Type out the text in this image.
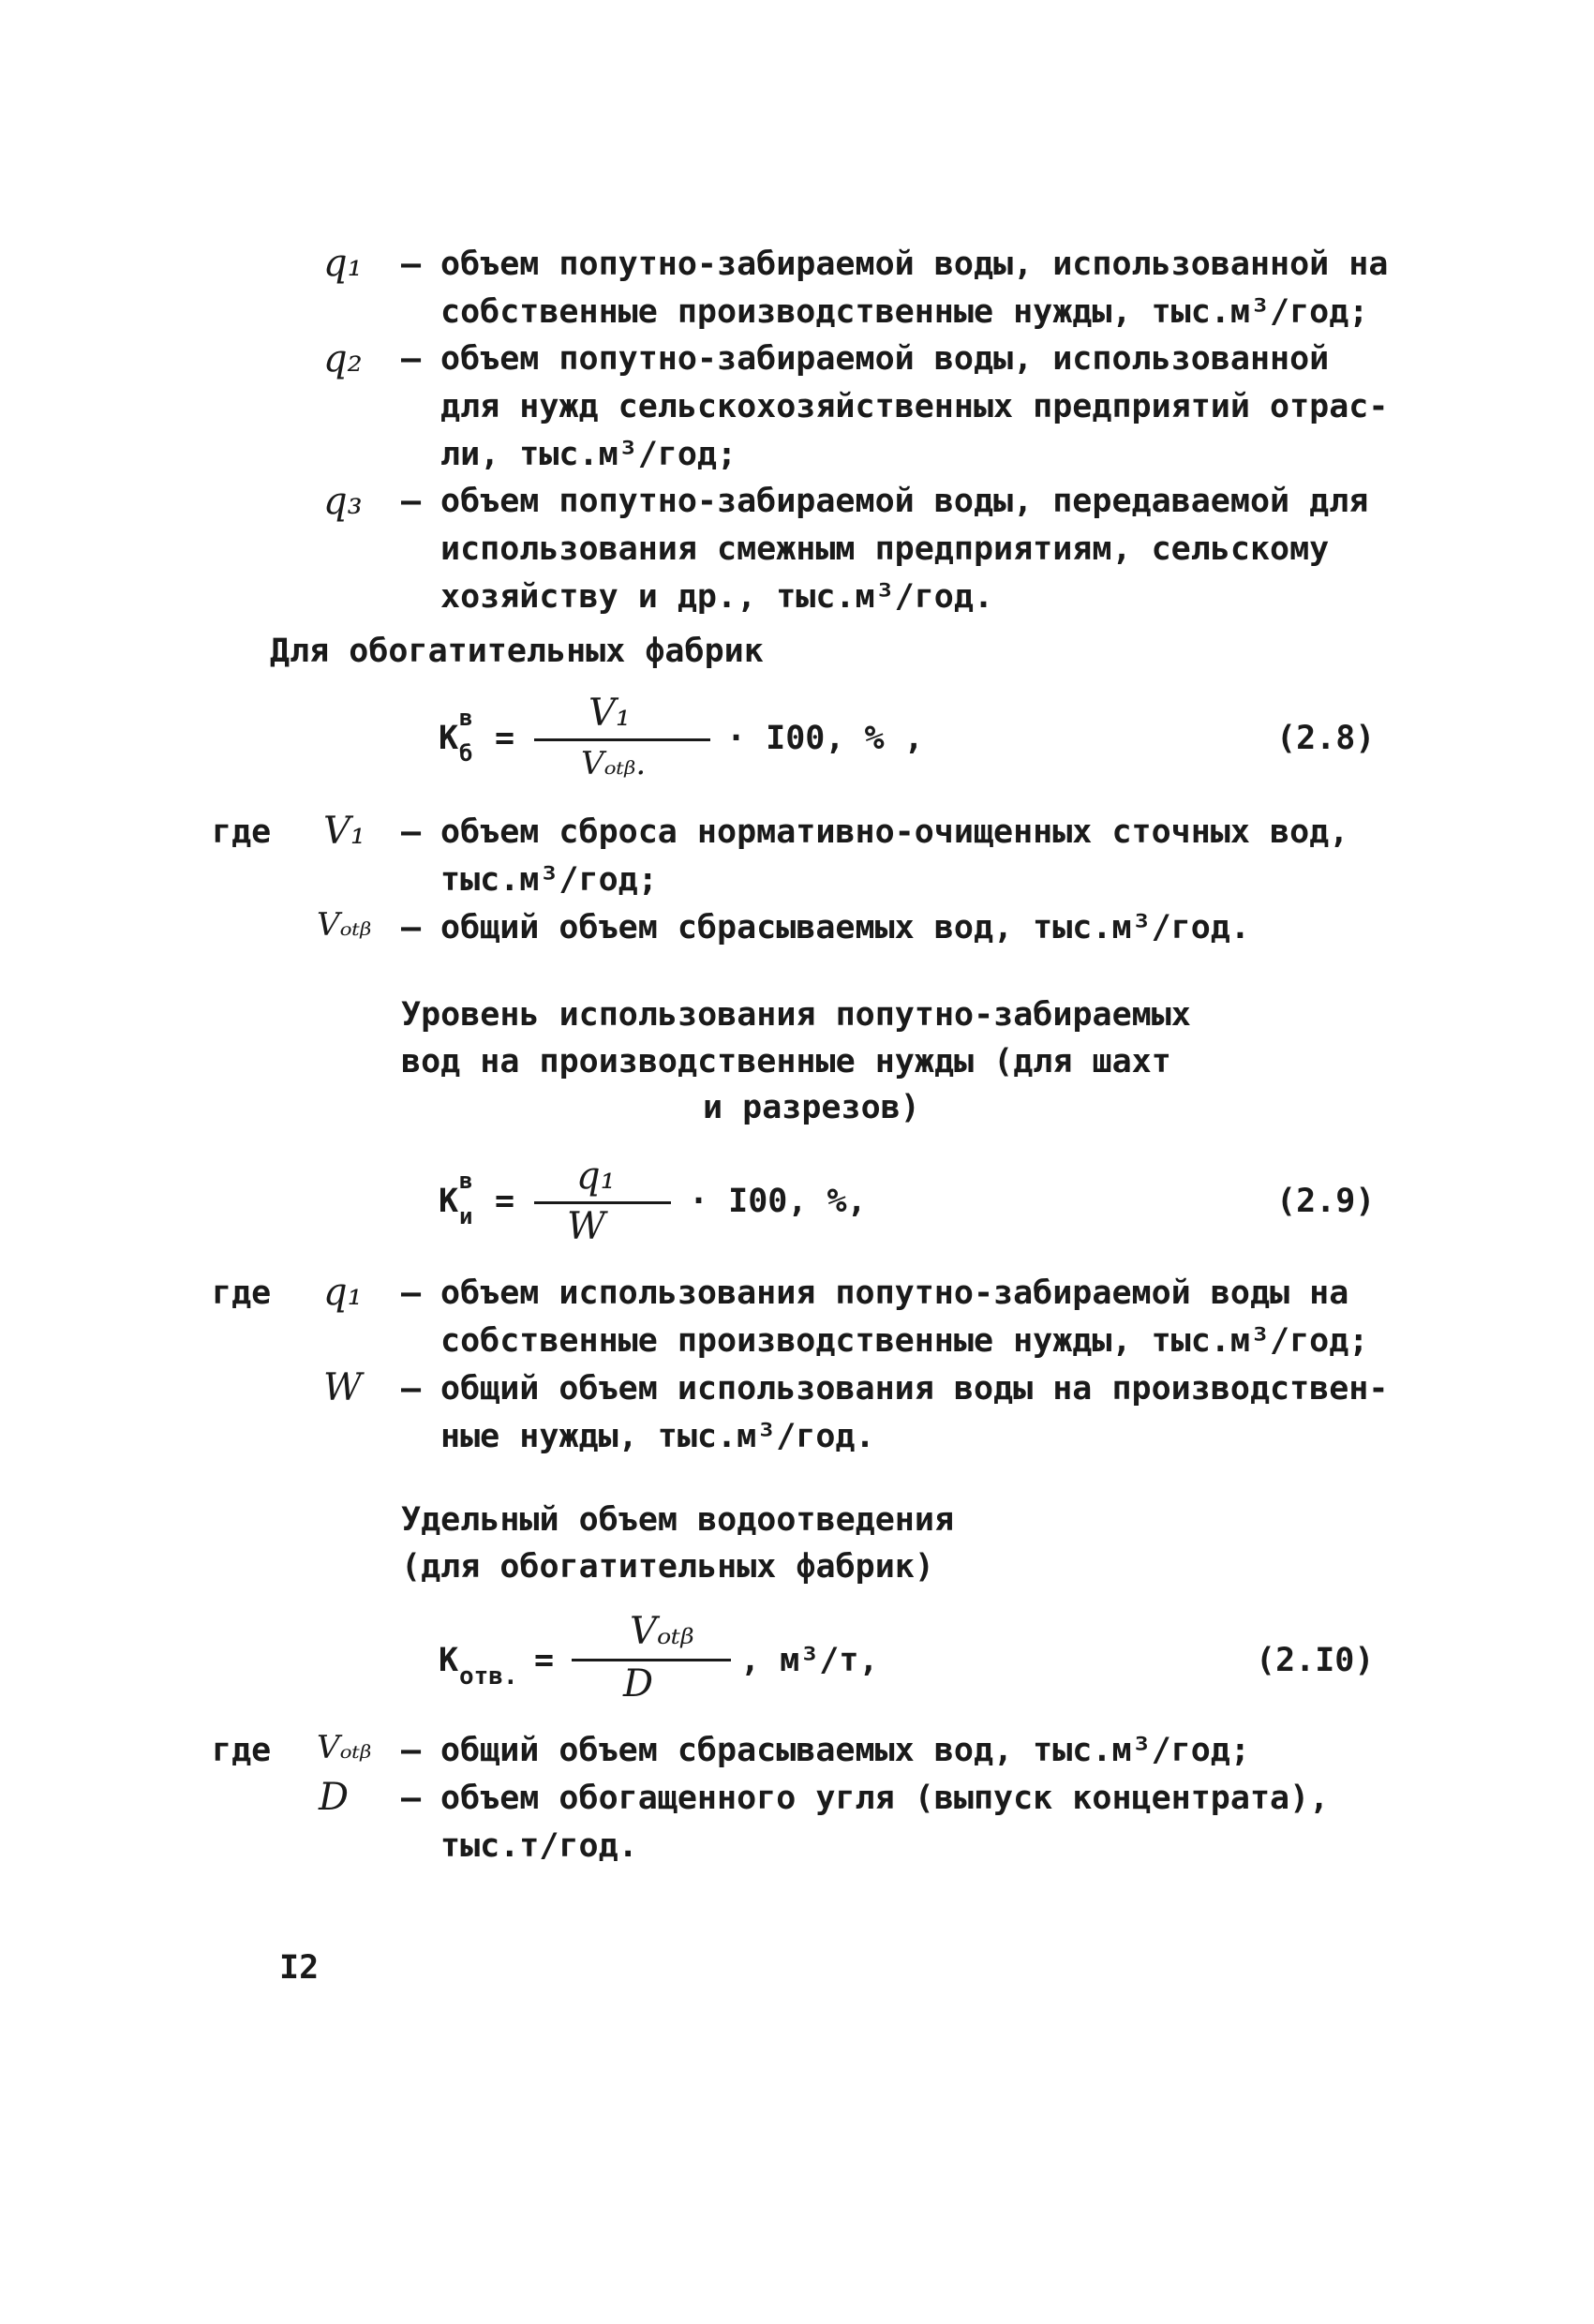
q₁ – объем попутно-забираемой воды, использованной на
собственные производственные нужды, тыс.м³/год;
q₂ – объем попутно-забираемой воды, использованной
для нужд сельскохозяйственных предприятий отрас-
ли, тыс.м³/год;
q₃ – объем попутно-забираемой воды, передаваемой для
использования смежным предприятиям, сельскому
хозяйству и др., тыс.м³/год.
Для обогатительных фабрик
К
в
б =
V₁
Vₒₜᵦ.
· I00, % ,	(2.8)
где V₁ – объем сброса нормативно-очищенных сточных вод,
тыс.м³/год;
Vₒₜᵦ – общий объем сбрасываемых вод, тыс.м³/год.
Уровень использования попутно-забираемых
вод на производственные нужды (для шахт
и разрезов)
К
в
и =
q₁
W
· I00, %,	(2.9)
где q₁ – объем использования попутно-забираемой воды на
собственные производственные нужды, тыс.м³/год;
W – общий объем использования воды на производствен-
ные нужды, тыс.м³/год.
Удельный объем водоотведения
(для обогатительных фабрик)
К отв. =
Vₒₜᵦ
D
, м³/т,	(2.I0)
где Vₒₜᵦ – общий объем сбрасываемых вод, тыс.м³/год;
D – объем обогащенного угля (выпуск концентрата),
тыс.т/год.
I2
